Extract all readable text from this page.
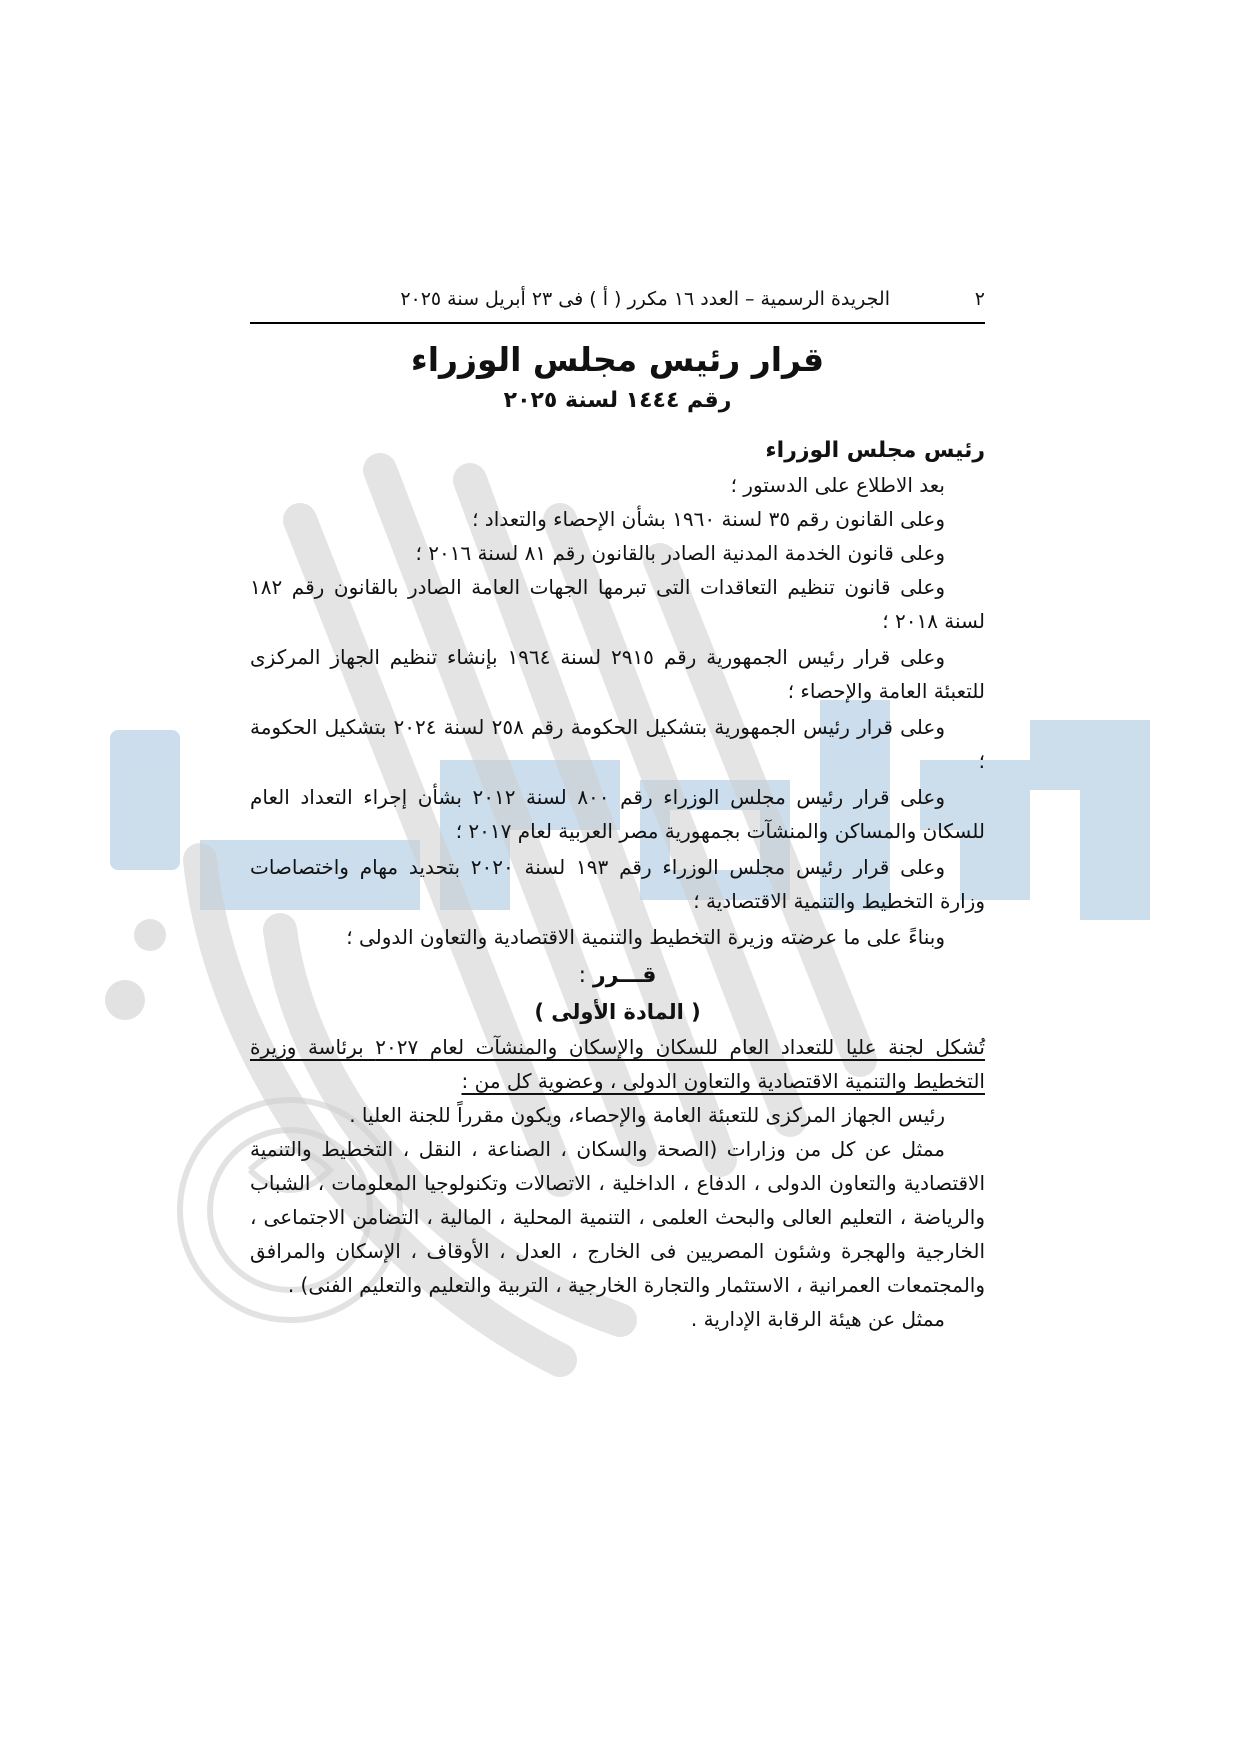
٢
الجريدة الرسمية – العدد ١٦ مكرر ( أ ) فى ٢٣ أبريل سنة ٢٠٢٥
قرار رئيس مجلس الوزراء
رقم ١٤٤٤ لسنة ٢٠٢٥
رئيس مجلس الوزراء

بعد الاطلاع على الدستور ؛

وعلى القانون رقم ٣٥ لسنة ١٩٦٠ بشأن الإحصاء والتعداد ؛

وعلى قانون الخدمة المدنية الصادر بالقانون رقم ٨١ لسنة ٢٠١٦ ؛

وعلى قانون تنظيم التعاقدات التى تبرمها الجهات العامة الصادر بالقانون رقم ١٨٢ لسنة ٢٠١٨ ؛

وعلى قرار رئيس الجمهورية رقم ٢٩١٥ لسنة ١٩٦٤ بإنشاء تنظيم الجهاز المركزى للتعبئة العامة والإحصاء ؛

وعلى قرار رئيس الجمهورية بتشكيل الحكومة رقم ٢٥٨ لسنة ٢٠٢٤ بتشكيل الحكومة ؛

وعلى قرار رئيس مجلس الوزراء رقم ٨٠٠ لسنة ٢٠١٢ بشأن إجراء التعداد العام للسكان والمساكن والمنشآت بجمهورية مصر العربية لعام ٢٠١٧ ؛

وعلى قرار رئيس مجلس الوزراء رقم ١٩٣ لسنة ٢٠٢٠ بتحديد مهام واختصاصات وزارة التخطيط والتنمية الاقتصادية ؛

وبناءً على ما عرضته وزيرة التخطيط والتنمية الاقتصادية والتعاون الدولى ؛

قـــرر :
( المادة الأولى )

تُشكل لجنة عليا للتعداد العام للسكان والإسكان والمنشآت لعام ٢٠٢٧ برئاسة وزيرة التخطيط والتنمية الاقتصادية والتعاون الدولى ، وعضوية كل من :

رئيس الجهاز المركزى للتعبئة العامة والإحصاء، ويكون مقرراً للجنة العليا .

ممثل عن كل من وزارات (الصحة والسكان ، الصناعة ، النقل ، التخطيط والتنمية الاقتصادية والتعاون الدولى ، الدفاع ، الداخلية ، الاتصالات وتكنولوجيا المعلومات ، الشباب والرياضة ، التعليم العالى والبحث العلمى ، التنمية المحلية ، المالية ، التضامن الاجتماعى ، الخارجية والهجرة وشئون المصريين فى الخارج ، العدل ، الأوقاف ، الإسكان والمرافق والمجتمعات العمرانية ، الاستثمار والتجارة الخارجية ، التربية والتعليم والتعليم الفنى) .

ممثل عن هيئة الرقابة الإدارية .
